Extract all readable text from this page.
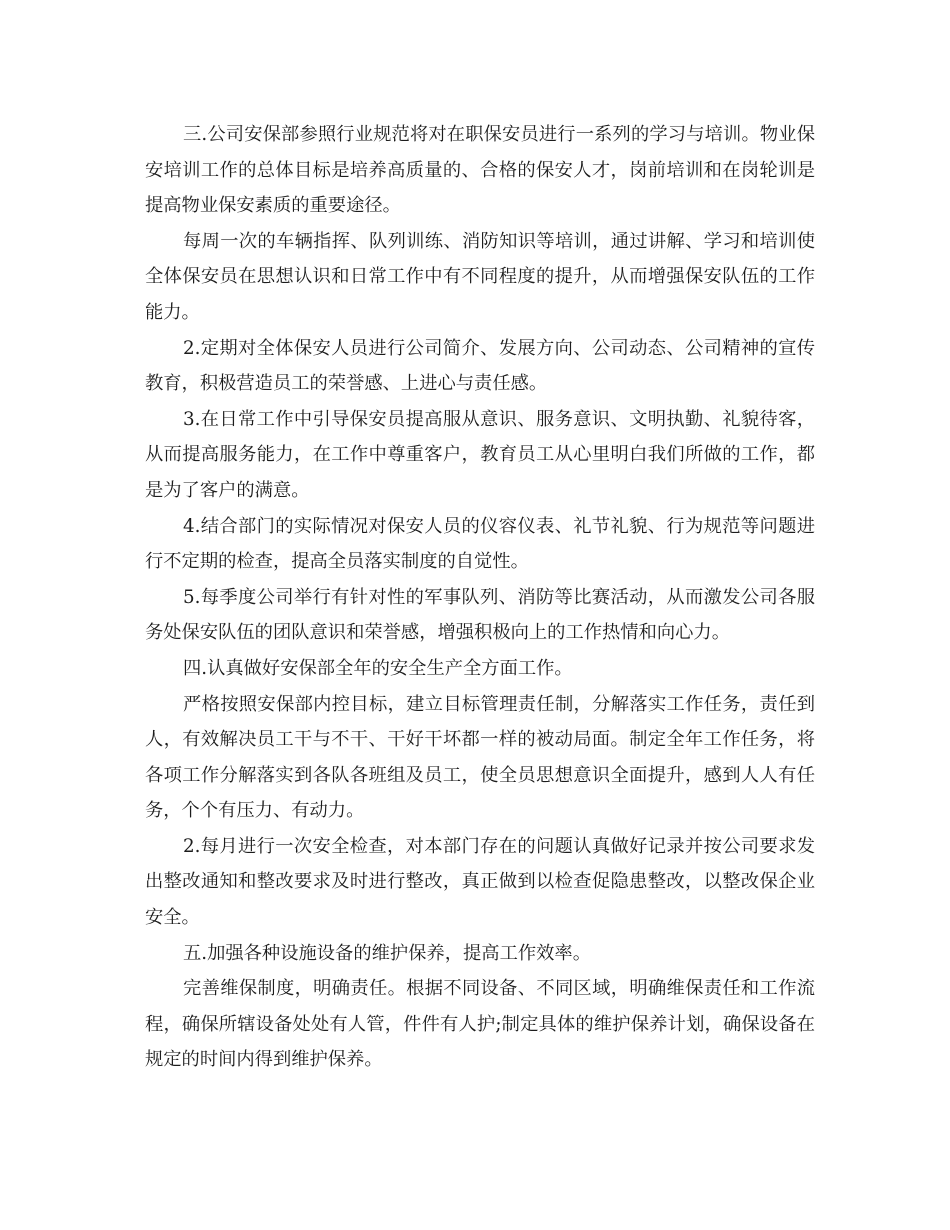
三.公司安保部参照行业规范将对在职保安员进行一系列的学习与培训。物业保安培训工作的总体目标是培养高质量的、合格的保安人才，岗前培训和在岗轮训是提高物业保安素质的重要途径。

每周一次的车辆指挥、队列训练、消防知识等培训，通过讲解、学习和培训使全体保安员在思想认识和日常工作中有不同程度的提升，从而增强保安队伍的工作能力。

2.定期对全体保安人员进行公司简介、发展方向、公司动态、公司精神的宣传教育，积极营造员工的荣誉感、上进心与责任感。

3.在日常工作中引导保安员提高服从意识、服务意识、文明执勤、礼貌待客，从而提高服务能力，在工作中尊重客户，教育员工从心里明白我们所做的工作，都是为了客户的满意。

4.结合部门的实际情况对保安人员的仪容仪表、礼节礼貌、行为规范等问题进行不定期的检查，提高全员落实制度的自觉性。

5.每季度公司举行有针对性的军事队列、消防等比赛活动，从而激发公司各服务处保安队伍的团队意识和荣誉感，增强积极向上的工作热情和向心力。

四.认真做好安保部全年的安全生产全方面工作。

严格按照安保部内控目标，建立目标管理责任制，分解落实工作任务，责任到人，有效解决员工干与不干、干好干坏都一样的被动局面。制定全年工作任务，将各项工作分解落实到各队各班组及员工，使全员思想意识全面提升，感到人人有任务，个个有压力、有动力。

2.每月进行一次安全检查，对本部门存在的问题认真做好记录并按公司要求发出整改通知和整改要求及时进行整改，真正做到以检查促隐患整改，以整改保企业安全。

五.加强各种设施设备的维护保养，提高工作效率。

完善维保制度，明确责任。根据不同设备、不同区域，明确维保责任和工作流程，确保所辖设备处处有人管，件件有人护;制定具体的维护保养计划，确保设备在规定的时间内得到维护保养。
